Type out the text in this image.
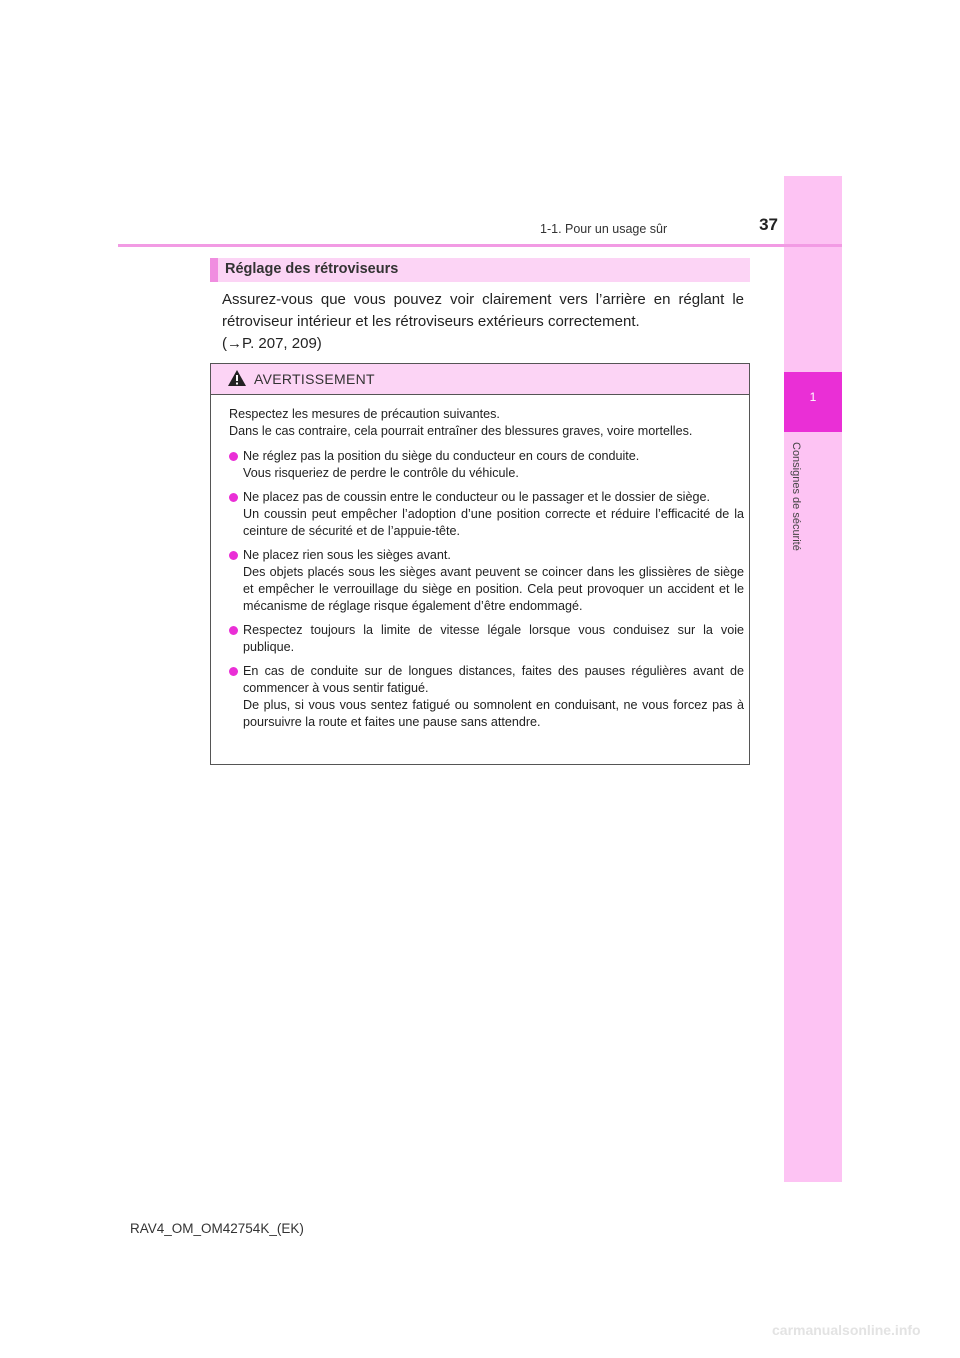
1
Consignes de sécurité
1-1. Pour un usage sûr	37
Réglage des rétroviseurs

Assurez-vous que vous pouvez voir clairement vers l’arrière en réglant le rétroviseur intérieur et les rétroviseurs extérieurs correctement.

(→P. 207, 209)

AVERTISSEMENT

Respectez les mesures de précaution suivantes.

Dans le cas contraire, cela pourrait entraîner des blessures graves, voire mortelles.

Ne réglez pas la position du siège du conducteur en cours de conduite.

Vous risqueriez de perdre le contrôle du véhicule.

Ne placez pas de coussin entre le conducteur ou le passager et le dossier de siège.

Un coussin peut empêcher l’adoption d’une position correcte et réduire l’efficacité de la ceinture de sécurité et de l’appuie-tête.

Ne placez rien sous les sièges avant.

Des objets placés sous les sièges avant peuvent se coincer dans les glissières de siège et empêcher le verrouillage du siège en position. Cela peut provoquer un accident et le mécanisme de réglage risque également d’être endommagé.

Respectez toujours la limite de vitesse légale lorsque vous conduisez sur la voie publique.

En cas de conduite sur de longues distances, faites des pauses régulières avant de commencer à vous sentir fatigué.

De plus, si vous vous sentez fatigué ou somnolent en conduisant, ne vous forcez pas à poursuivre la route et faites une pause sans attendre.

RAV4_OM_OM42754K_(EK)
carmanualsonline.info
